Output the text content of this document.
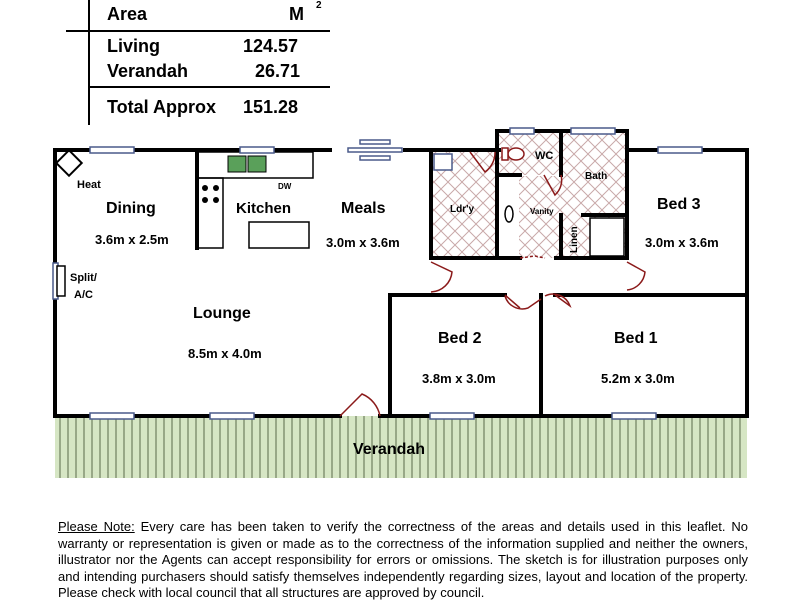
Area	M 2
Living	124.57
Verandah	26.71
Total Approx 151.28
Dining
3.6m x 2.5m
Kitchen
DW
Meals
3.0m x 3.6m
Lounge
8.5m x 4.0m
Ldr'y	Vanity
WC
Bath
Linen
Bed 3
3.0m x 3.6m
Bed 2
3.8m x 3.0m
Bed 1
5.2m x 3.0m
Verandah
Heat
Split/
A/C
Please Note: Every care has been taken to verify the correctness of the areas and details used in this leaflet. No warranty or representation is given or made as to the correctness of the information supplied and neither the owners, illustrator nor the Agents can accept responsibility for errors or omissions. The sketch is for illustration purposes only and intending purchasers should satisfy themselves independently regarding sizes, layout and location of the property. Please check with local council that all structures are approved by council.
